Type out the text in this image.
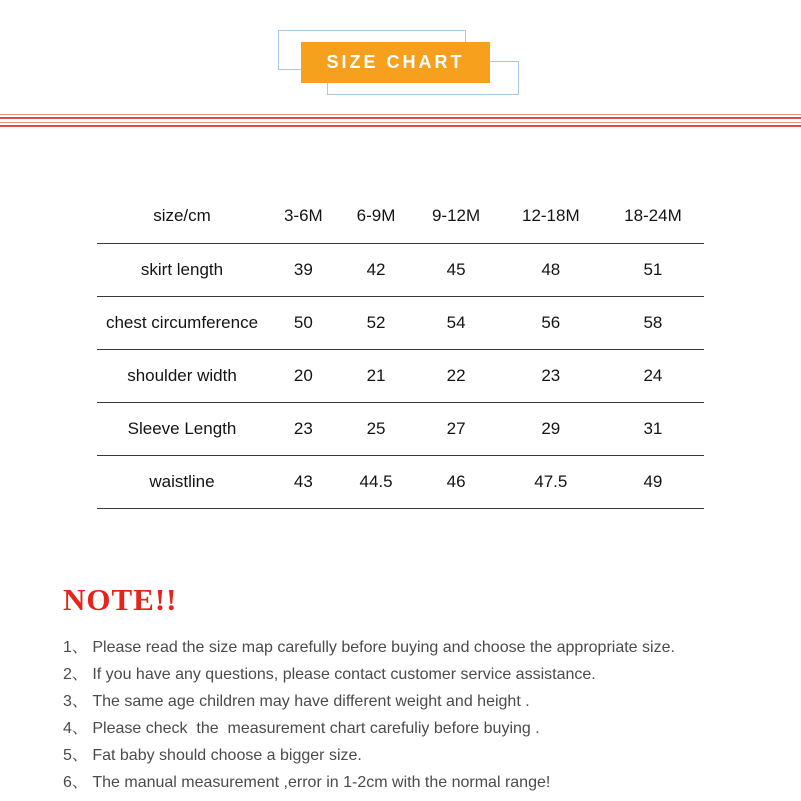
SIZE CHART
size/cm	3-6M	6-9M	9-12M	12-18M	18-24M
skirt length	39	42	45	48	51
chest circumference	50	52	54	56	58
shoulder width	20	21	22	23	24
Sleeve Length	23	25	27	29	31
waistline	43	44.5	46	47.5	49
NOTE!!

1、 Please read the size map carefully before buying and choose the appropriate size.

2、 If you have any questions, please contact customer service assistance.

3、 The same age children may have different weight and height .

4、 Please check  the  measurement chart carefuliy before buying .

5、 Fat baby should choose a bigger size.

6、 The manual measurement ,error in 1-2cm with the normal range!
